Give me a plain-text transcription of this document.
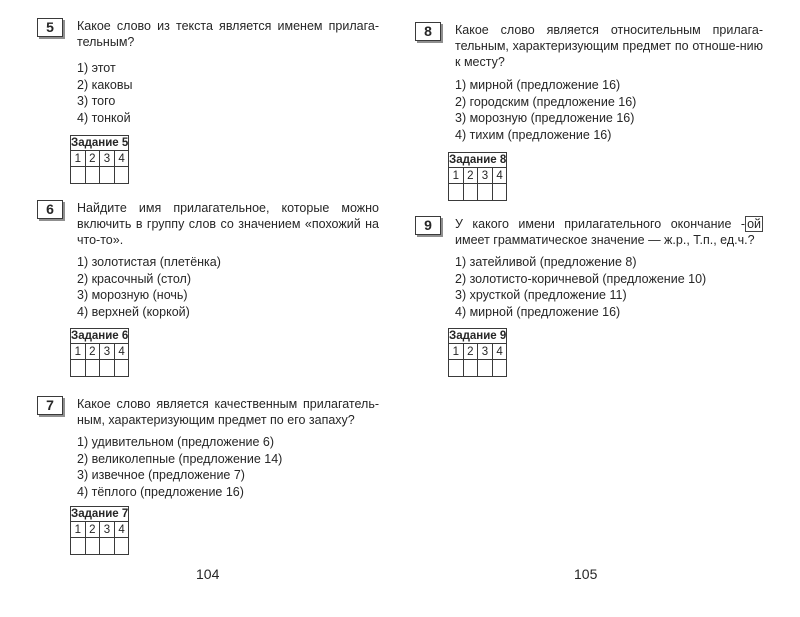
5	Какое слово из текста является именем прилага-тельным?
1) этот
2) каковы
3) того
4) тонкой
Задание 5			
1	2	3	4

6	Найдите имя прилагательное, которые можно включить в группу слов со значением «похожий на что-то».
1) золотистая (плетёнка)
2) красочный (стол)
3) морозную (ночь)
4) верхней (коркой)
Задание 6			
1	2	3	4

7	Какое слово является качественным прилагатель-ным, характеризующим предмет по его запаху?
1) удивительном (предложение 6)
2) великолепные (предложение 14)
3) извечное (предложение 7)
4) тёплого (предложение 16)
Задание 7			
1	2	3	4

104
8	Какое слово является относительным прилага-тельным, характеризующим предмет по отноше-нию к месту?
1) мирной (предложение 16)
2) городским (предложение 16)
3) морозную (предложение 16)
4) тихим (предложение 16)
Задание 8			
1	2	3	4

9	У какого имени прилагательного окончание - ой имеет грамматическое значение — ж.р., Т.п., ед.ч.?
1) затейливой (предложение 8)
2) золотисто-коричневой (предложение 10)
3) хрусткой (предложение 11)
4) мирной (предложение 16)
Задание 9			
1	2	3	4

105
